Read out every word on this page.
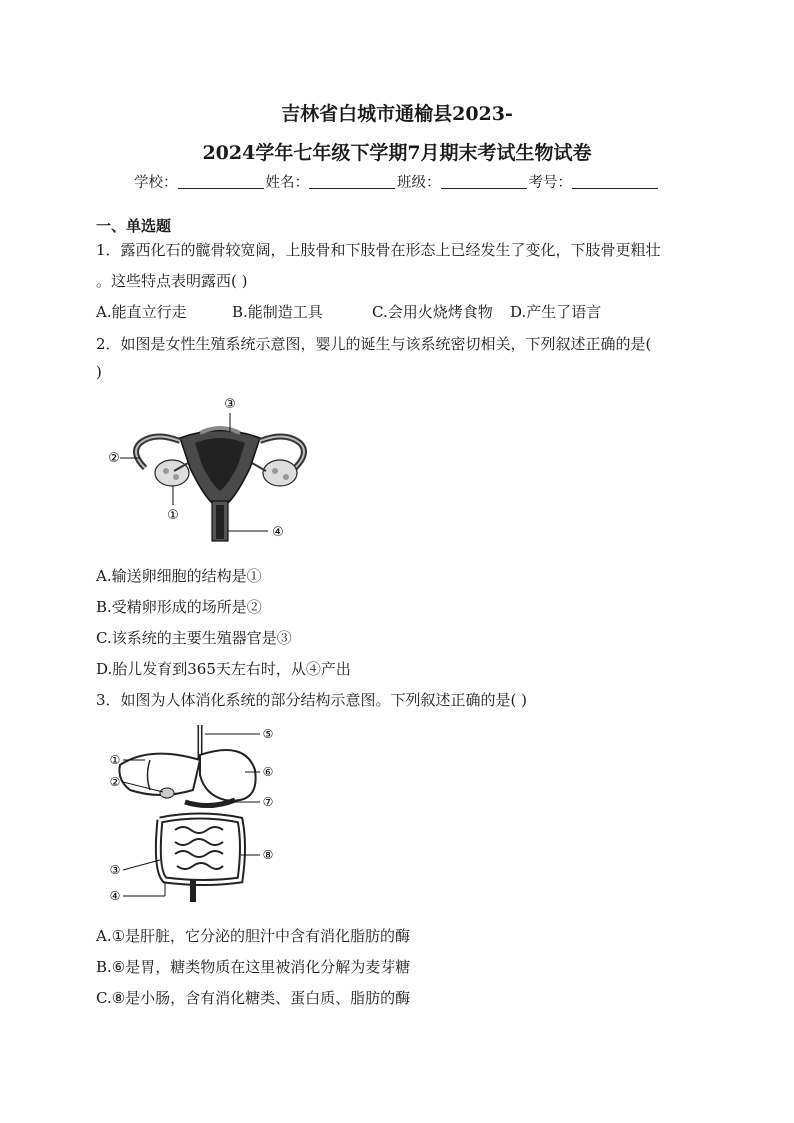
吉林省白城市通榆县2023-
2024学年七年级下学期7月期末考试生物试卷
学校：	姓名：	班级：	考号：
一、单选题
1．露西化石的髋骨较宽阔，上肢骨和下肢骨在形态上已经发生了变化，下肢骨更粗壮
。这些特点表明露西( )
A.能直立行走	B.能制造工具	C.会用火烧烤食物 D.产生了语言
2．如图是女性生殖系统示意图，婴儿的诞生与该系统密切相关，下列叙述正确的是(
)
③
②
①
④
A.输送卵细胞的结构是①
B.受精卵形成的场所是②
C.该系统的主要生殖器官是③
D.胎儿发育到365天左右时，从④产出
3．如图为人体消化系统的部分结构示意图。下列叙述正确的是( )
①
②
③
④
⑤
⑥
⑦
⑧
A.①是肝脏，它分泌的胆汁中含有消化脂肪的酶
B.⑥是胃，糖类物质在这里被消化分解为麦芽糖
C.⑧是小肠，含有消化糖类、蛋白质、脂肪的酶
